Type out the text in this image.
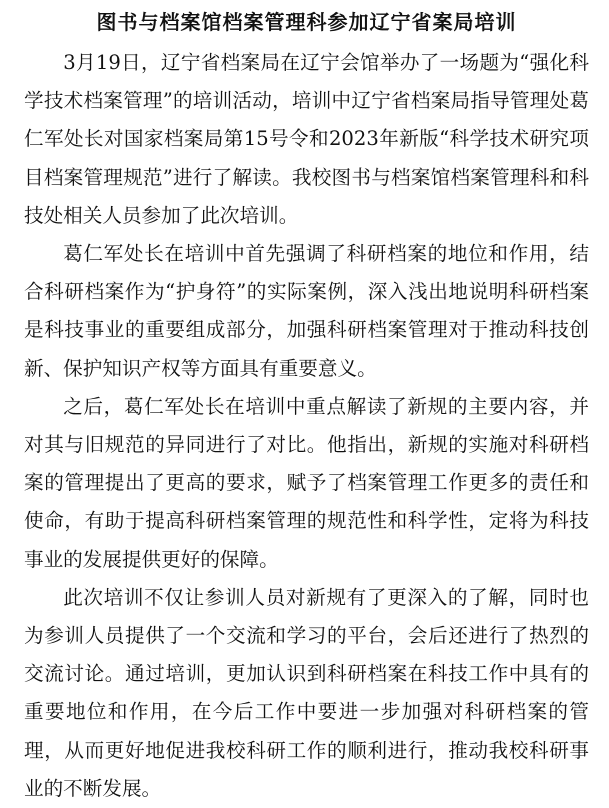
图书与档案馆档案管理科参加辽宁省案局培训

3月19日，辽宁省档案局在辽宁会馆举办了一场题为“强化科学技术档案管理”的培训活动，培训中辽宁省档案局指导管理处葛仁军处长对国家档案局第15号令和2023年新版“科学技术研究项目档案管理规范”进行了解读。我校图书与档案馆档案管理科和科技处相关人员参加了此次培训。

葛仁军处长在培训中首先强调了科研档案的地位和作用，结合科研档案作为“护身符”的实际案例，深入浅出地说明科研档案是科技事业的重要组成部分，加强科研档案管理对于推动科技创新、保护知识产权等方面具有重要意义。

之后，葛仁军处长在培训中重点解读了新规的主要内容，并对其与旧规范的异同进行了对比。他指出，新规的实施对科研档案的管理提出了更高的要求，赋予了档案管理工作更多的责任和使命，有助于提高科研档案管理的规范性和科学性，定将为科技事业的发展提供更好的保障。

此次培训不仅让参训人员对新规有了更深入的了解，同时也为参训人员提供了一个交流和学习的平台，会后还进行了热烈的交流讨论。通过培训，更加认识到科研档案在科技工作中具有的重要地位和作用，在今后工作中要进一步加强对科研档案的管理，从而更好地促进我校科研工作的顺利进行，推动我校科研事业的不断发展。
